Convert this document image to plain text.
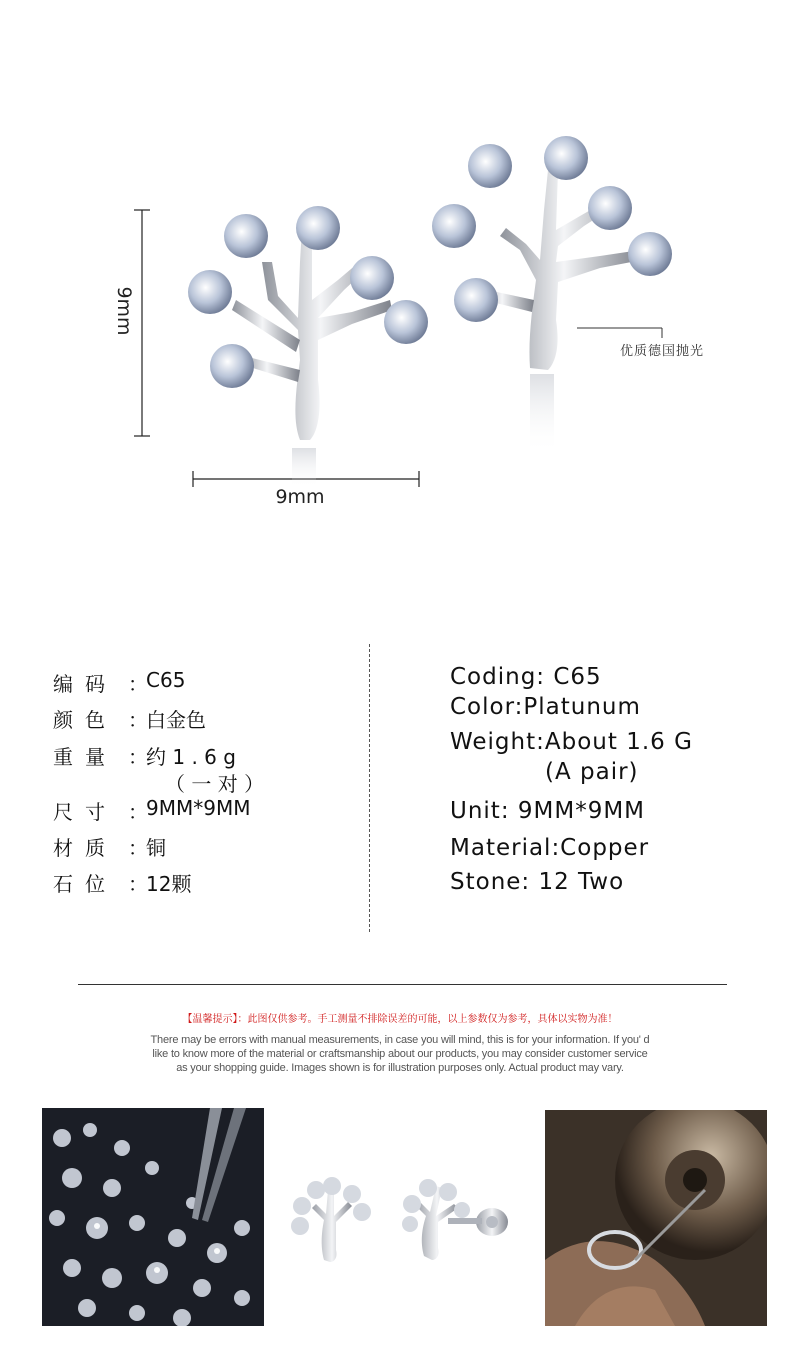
9mm
9mm
优质德国抛光
编码 ：
C65
颜色 ：
白金色
重量 ：
约 1 . 6 g
（ 一 对 ）
尺寸 ：
9MM*9MM
材质 ：
铜
石位 ：
12颗
Coding: C65
Color:Platunum
Weight:About 1.6 G
(A pair)
Unit: 9MM*9MM
Material:Copper
Stone: 12 Two
【温馨提示】：此图仅供参考。手工测量不排除误差的可能，以上参数仅为参考，具体以实物为准！
There may be errors with manual measurements, in case you will mind, this is for your information. If you' d
like to know more of the material or craftsmanship about our products, you may consider customer service
as your shopping guide. Images shown is for illustration purposes only. Actual product may vary.
